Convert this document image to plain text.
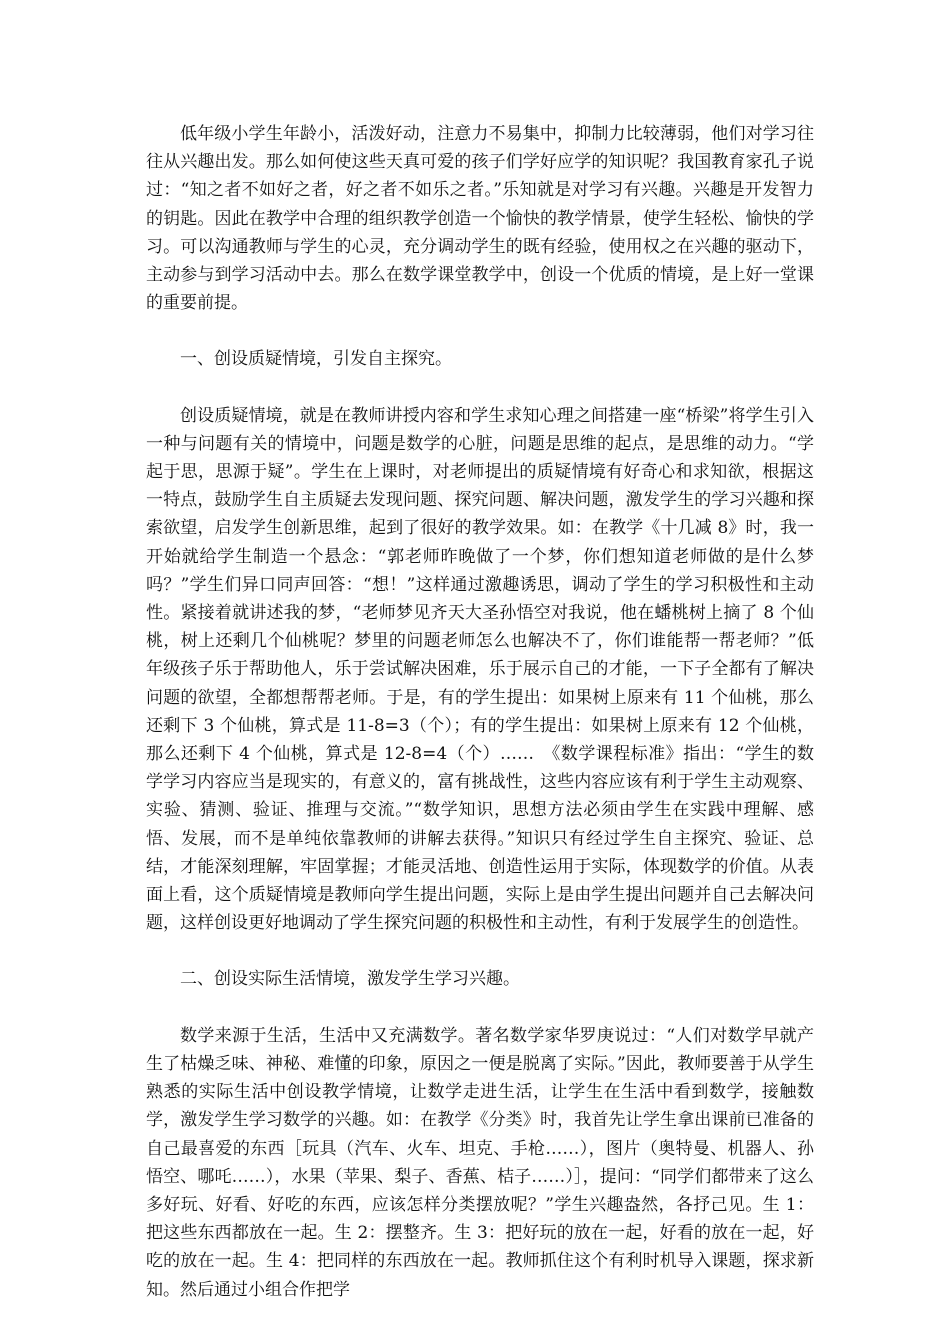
低年级小学生年龄小，活泼好动，注意力不易集中，抑制力比较薄弱，他们对学习往往从兴趣出发。那么如何使这些天真可爱的孩子们学好应学的知识呢？我国教育家孔子说过：“知之者不如好之者，好之者不如乐之者。”乐知就是对学习有兴趣。兴趣是开发智力的钥匙。因此在教学中合理的组织教学创造一个愉快的教学情景，使学生轻松、愉快的学习。可以沟通教师与学生的心灵，充分调动学生的既有经验，使用权之在兴趣的驱动下，主动参与到学习活动中去。那么在数学课堂教学中，创设一个优质的情境，是上好一堂课的重要前提。

一、创设质疑情境，引发自主探究。

创设质疑情境，就是在教师讲授内容和学生求知心理之间搭建一座“桥梁”将学生引入一种与问题有关的情境中，问题是数学的心脏，问题是思维的起点，是思维的动力。“学起于思，思源于疑”。学生在上课时，对老师提出的质疑情境有好奇心和求知欲，根据这一特点，鼓励学生自主质疑去发现问题、探究问题、解决问题，激发学生的学习兴趣和探索欲望，启发学生创新思维，起到了很好的教学效果。如：在教学《十几减 8》时，我一开始就给学生制造一个悬念：“郭老师昨晚做了一个梦，你们想知道老师做的是什么梦吗？”学生们异口同声回答：“想！”这样通过激趣诱思，调动了学生的学习积极性和主动性。紧接着就讲述我的梦，“老师梦见齐天大圣孙悟空对我说，他在蟠桃树上摘了 8 个仙桃，树上还剩几个仙桃呢？梦里的问题老师怎么也解决不了，你们谁能帮一帮老师？”低年级孩子乐于帮助他人，乐于尝试解决困难，乐于展示自己的才能，一下子全都有了解决问题的欲望，全都想帮帮老师。于是，有的学生提出：如果树上原来有 11 个仙桃，那么还剩下 3 个仙桃，算式是 11-8=3（个）；有的学生提出：如果树上原来有 12 个仙桃，那么还剩下 4 个仙桃，算式是 12-8=4（个）……　《数学课程标准》指出：“学生的数学学习内容应当是现实的，有意义的，富有挑战性，这些内容应该有利于学生主动观察、实验、猜测、验证、推理与交流。”“数学知识，思想方法必须由学生在实践中理解、感悟、发展，而不是单纯依靠教师的讲解去获得。”知识只有经过学生自主探究、验证、总结，才能深刻理解，牢固掌握；才能灵活地、创造性运用于实际，体现数学的价值。从表面上看，这个质疑情境是教师向学生提出问题，实际上是由学生提出问题并自己去解决问题，这样创设更好地调动了学生探究问题的积极性和主动性，有利于发展学生的创造性。

二、创设实际生活情境，激发学生学习兴趣。

数学来源于生活，生活中又充满数学。著名数学家华罗庚说过：“人们对数学早就产生了枯燥乏味、神秘、难懂的印象，原因之一便是脱离了实际。”因此，教师要善于从学生熟悉的实际生活中创设教学情境，让数学走进生活，让学生在生活中看到数学，接触数学，激发学生学习数学的兴趣。如：在教学《分类》时，我首先让学生拿出课前已准备的自己最喜爱的东西［玩具（汽车、火车、坦克、手枪……），图片（奥特曼、机器人、孙悟空、哪吒……），水果（苹果、梨子、香蕉、桔子……）］，提问：“同学们都带来了这么多好玩、好看、好吃的东西，应该怎样分类摆放呢？”学生兴趣盎然，各抒己见。生 1：把这些东西都放在一起。生 2：摆整齐。生 3：把好玩的放在一起，好看的放在一起，好吃的放在一起。生 4：把同样的东西放在一起。教师抓住这个有利时机导入课题，探求新知。然后通过小组合作把学
